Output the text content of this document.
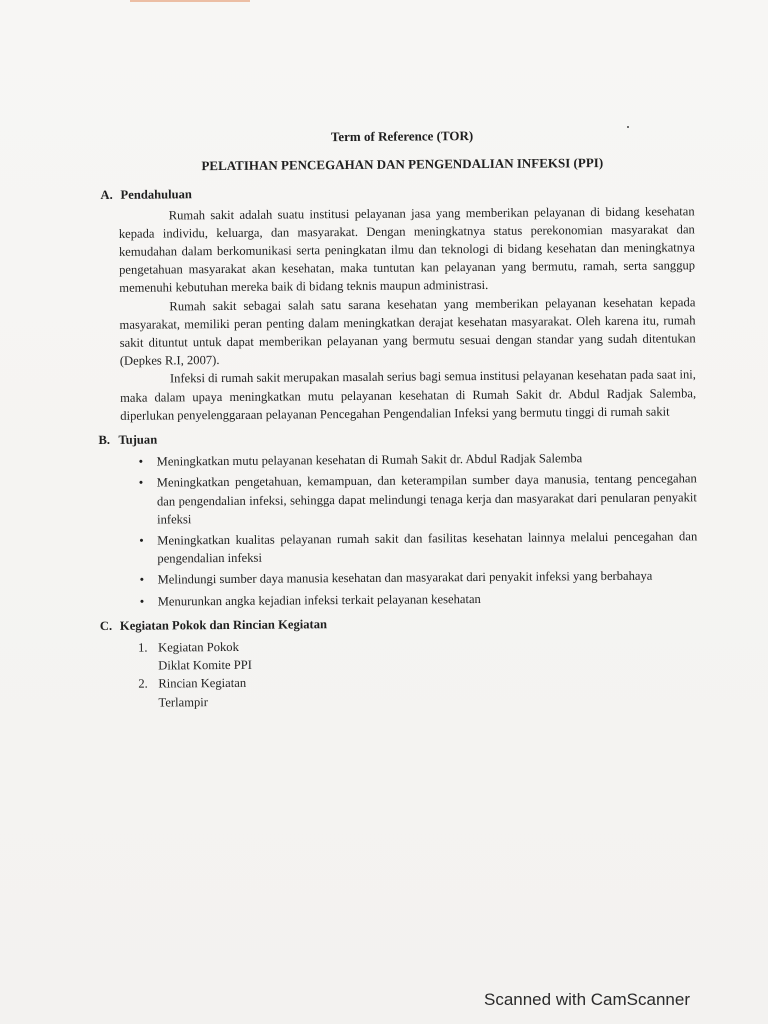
Term of Reference (TOR)
PELATIHAN PENCEGAHAN DAN PENGENDALIAN INFEKSI (PPI)
A. Pendahuluan

Rumah sakit adalah suatu institusi pelayanan jasa yang memberikan pelayanan di bidang kesehatan kepada individu, keluarga, dan masyarakat. Dengan meningkatnya status perekonomian masyarakat dan kemudahan dalam berkomunikasi serta peningkatan ilmu dan teknologi di bidang kesehatan dan meningkatnya pengetahuan masyarakat akan kesehatan, maka tuntutan kan pelayanan yang bermutu, ramah, serta sanggup memenuhi kebutuhan mereka baik di bidang teknis maupun administrasi.

Rumah sakit sebagai salah satu sarana kesehatan yang memberikan pelayanan kesehatan kepada masyarakat, memiliki peran penting dalam meningkatkan derajat kesehatan masyarakat. Oleh karena itu, rumah sakit dituntut untuk dapat memberikan pelayanan yang bermutu sesuai dengan standar yang sudah ditentukan (Depkes R.I, 2007).

Infeksi di rumah sakit merupakan masalah serius bagi semua institusi pelayanan kesehatan pada saat ini, maka dalam upaya meningkatkan mutu pelayanan kesehatan di Rumah Sakit dr. Abdul Radjak Salemba, diperlukan penyelenggaraan pelayanan Pencegahan Pengendalian Infeksi yang bermutu tinggi di rumah sakit

B. Tujuan
• Meningkatkan mutu pelayanan kesehatan di Rumah Sakit dr. Abdul Radjak Salemba
• Meningkatkan pengetahuan, kemampuan, dan keterampilan sumber daya manusia, tentang pencegahan dan pengendalian infeksi, sehingga dapat melindungi tenaga kerja dan masyarakat dari penularan penyakit infeksi
• Meningkatkan kualitas pelayanan rumah sakit dan fasilitas kesehatan lainnya melalui pencegahan dan pengendalian infeksi
• Melindungi sumber daya manusia kesehatan dan masyarakat dari penyakit infeksi yang berbahaya
• Menurunkan angka kejadian infeksi terkait pelayanan kesehatan
C. Kegiatan Pokok dan Rincian Kegiatan
1. Kegiatan Pokok
Diklat Komite PPI
2. Rincian Kegiatan
Terlampir
Scanned with CamScanner
